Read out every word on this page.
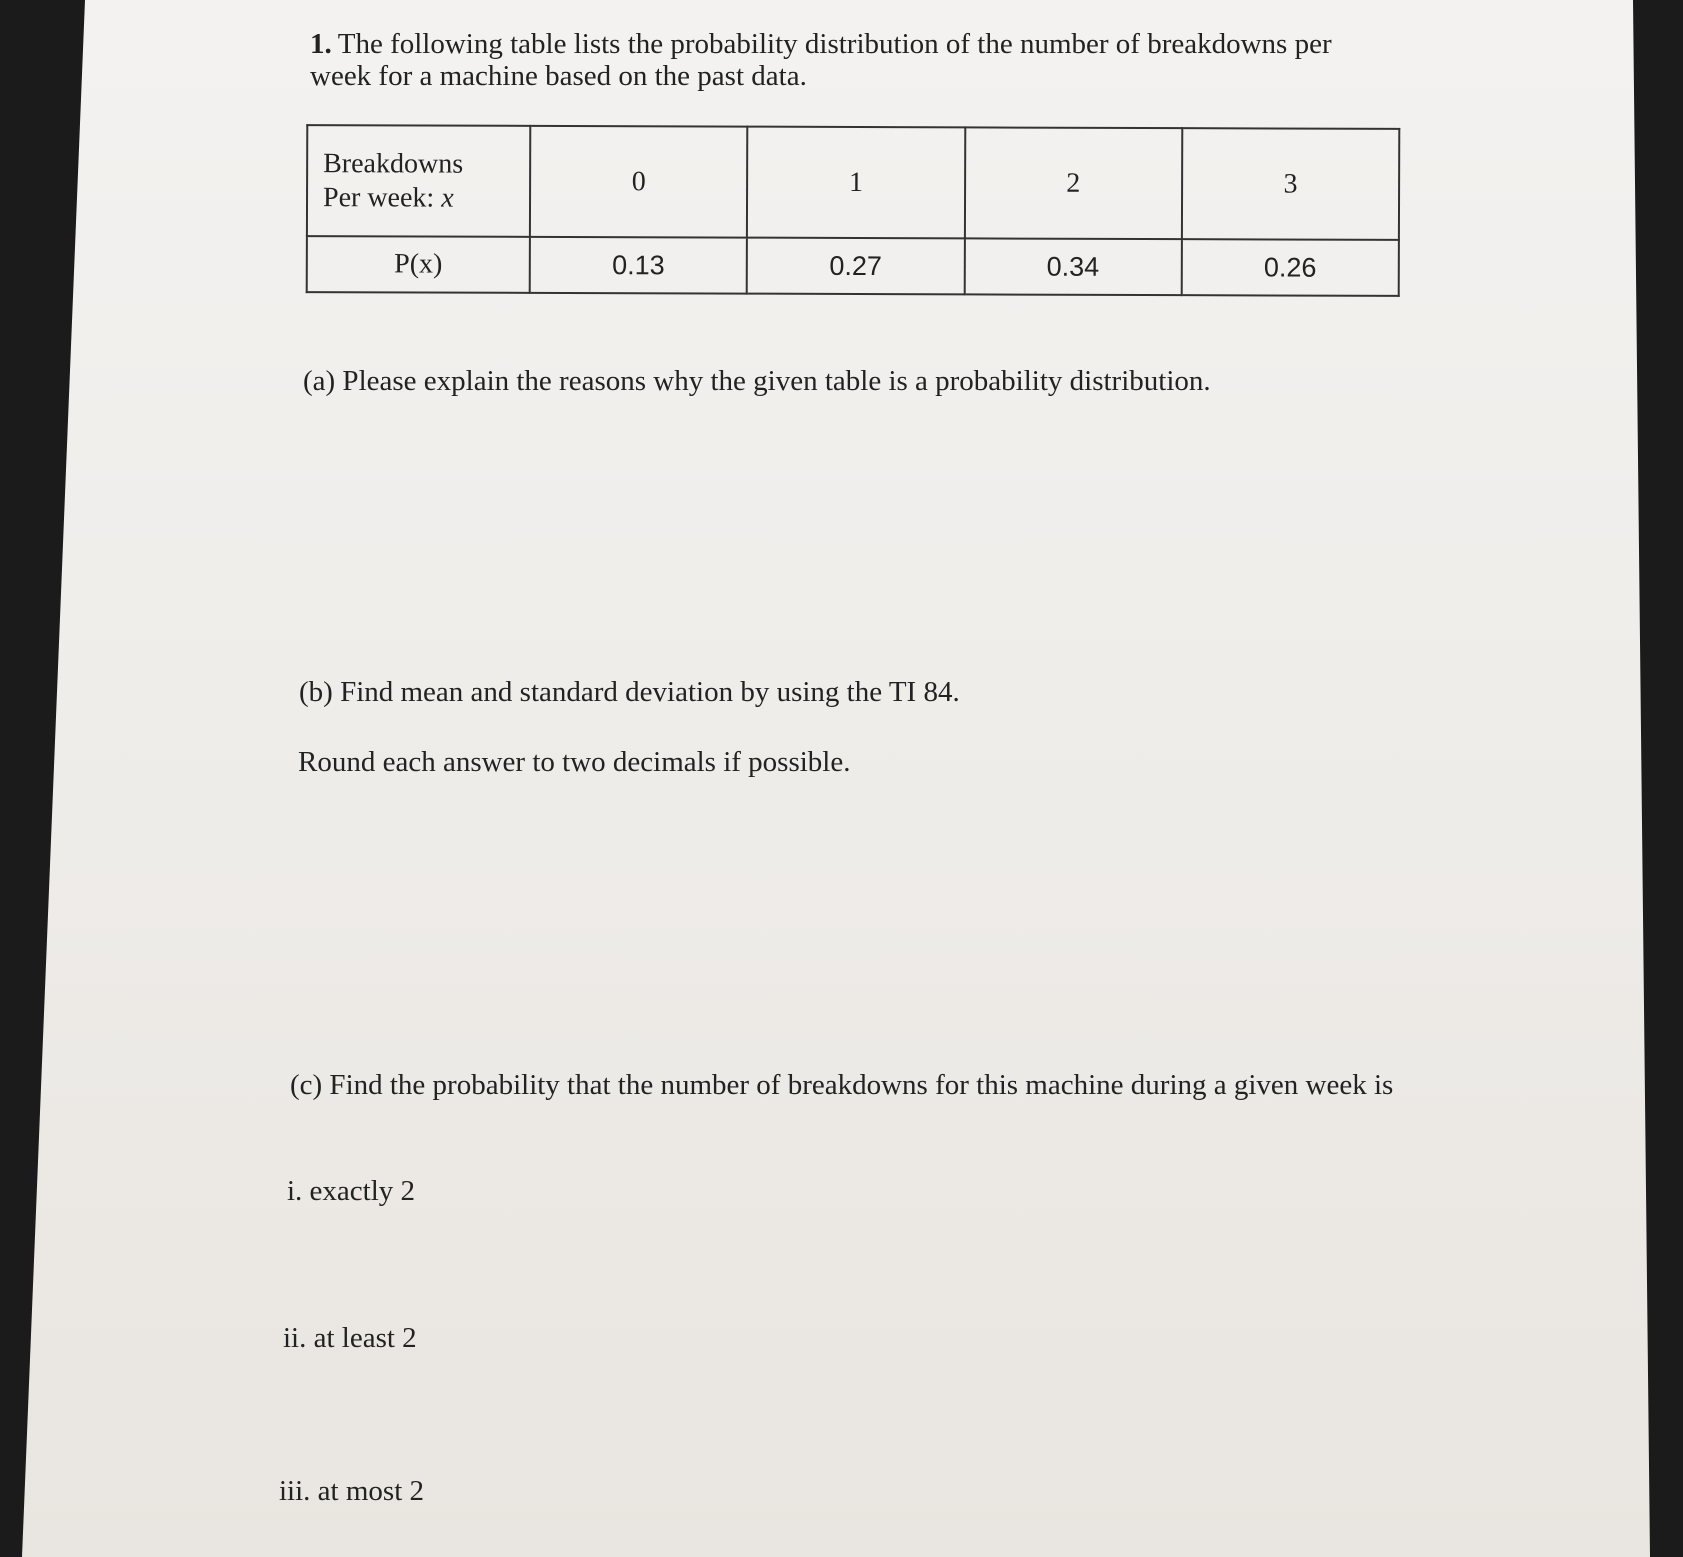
1. The following table lists the probability distribution of the number of breakdowns per week for a machine based on the past data.
Breakdowns
Per week: x	0	1	2	3
P(x)	0.13	0.27	0.34	0.26
(a) Please explain the reasons why the given table is a probability distribution.
(b) Find mean and standard deviation by using the TI 84.
Round each answer to two decimals if possible.
(c) Find the probability that the number of breakdowns for this machine during a given week is
i. exactly 2
ii. at least 2
iii. at most 2
